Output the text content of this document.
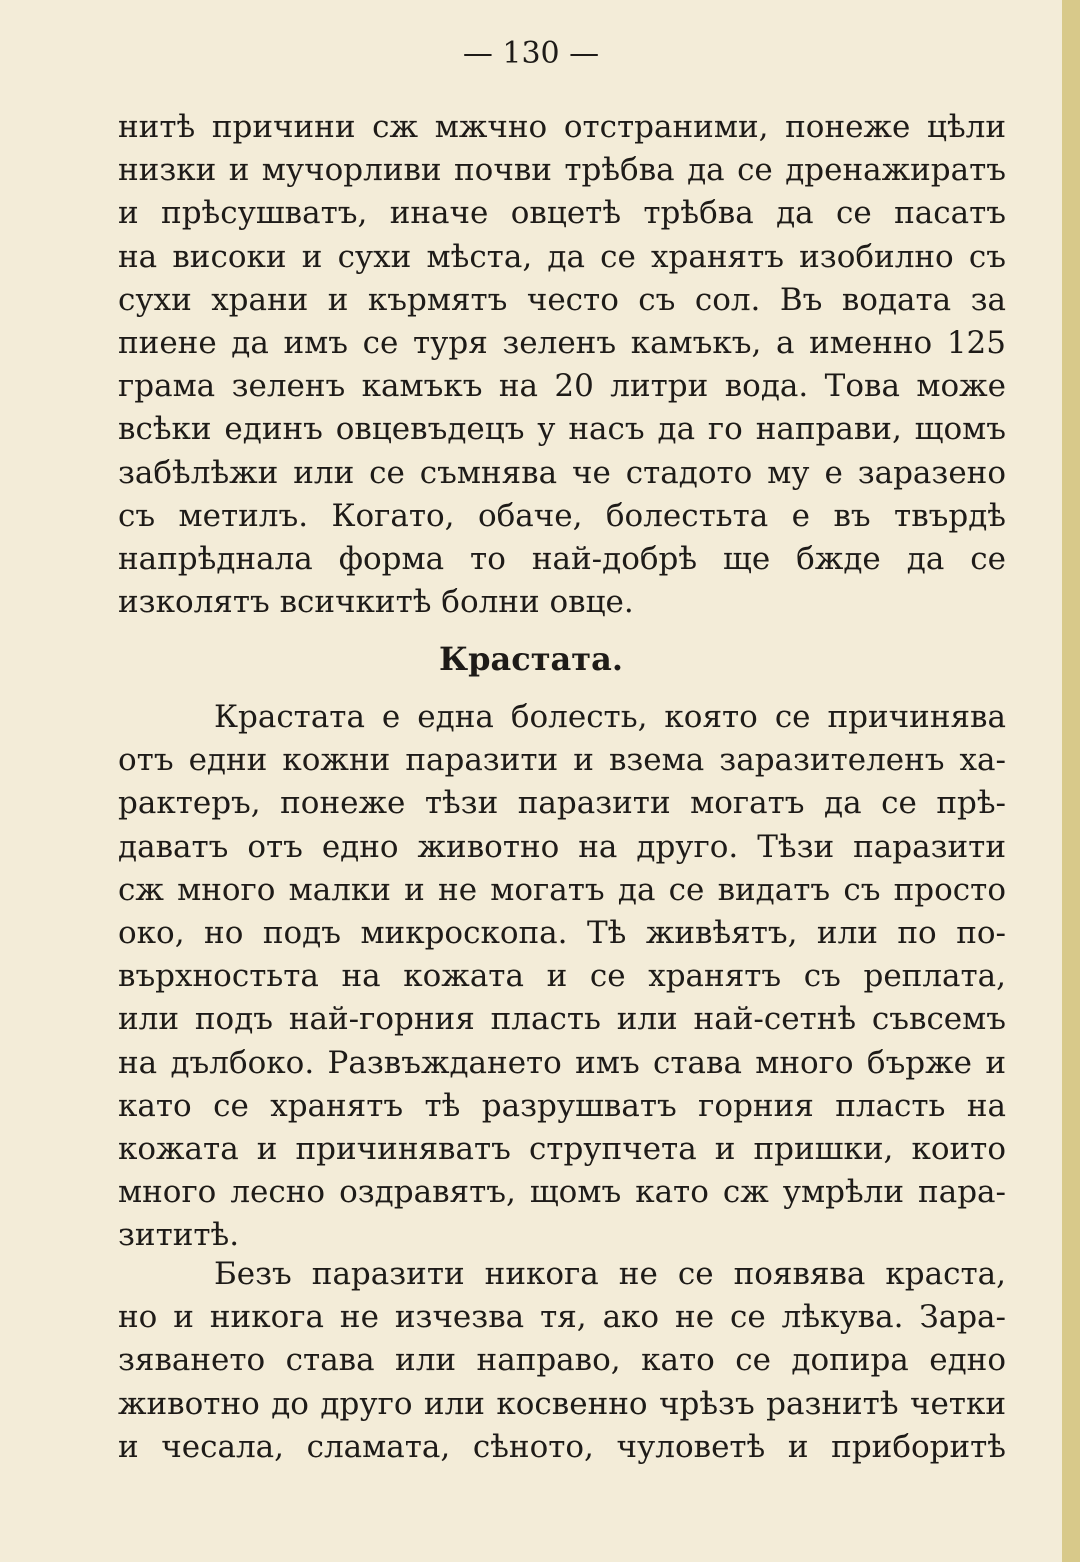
— 130 —
нитѣ причини сж мжчно отстраними, понеже цѣли
низки и мучорливи почви трѣбва да се дренажиратъ
и прѣсушватъ, иначе овцетѣ трѣбва да се пасатъ
на високи и сухи мѣста, да се хранятъ изобилно съ
сухи храни и кърмятъ често съ сол. Въ водата за
пиене да имъ се туря зеленъ камъкъ, а именно 125
грама зеленъ камъкъ на 20 литри вода. Това може
всѣки единъ овцевъдецъ у насъ да го направи, щомъ
забѣлѣжи или се съмнява че стадото му е заразено
съ метилъ. Когато, обаче, болестьта е въ твърдѣ
напрѣднала форма то най-добрѣ ще бжде да се
изколятъ всичкитѣ болни овце.
Крастата.
Крастата е една болесть, която се причинява
отъ едни кожни паразити и взема заразителенъ ха-
рактеръ, понеже тѣзи паразити могатъ да се прѣ-
даватъ отъ едно животно на друго. Тѣзи паразити
сж много малки и не могатъ да се видатъ съ просто
око, но подъ микроскопа. Тѣ живѣятъ, или по по-
върхностьта на кожата и се хранятъ съ реплата,
или подъ най-горния пласть или най-сетнѣ съвсемъ
на дълбоко. Развъждането имъ става много бърже и
като се хранятъ тѣ разрушватъ горния пласть на
кожата и причиняватъ струпчета и пришки, които
много лесно оздравятъ, щомъ като сж умрѣли пара-
зититѣ.
Безъ паразити никога не се появява краста,
но и никога не изчезва тя, ако не се лѣкува. Зара-
зяването става или направо, като се допира едно
животно до друго или косвенно чрѣзъ разнитѣ четки
и чесала, сламата, сѣното, чуловетѣ и приборитѣ
